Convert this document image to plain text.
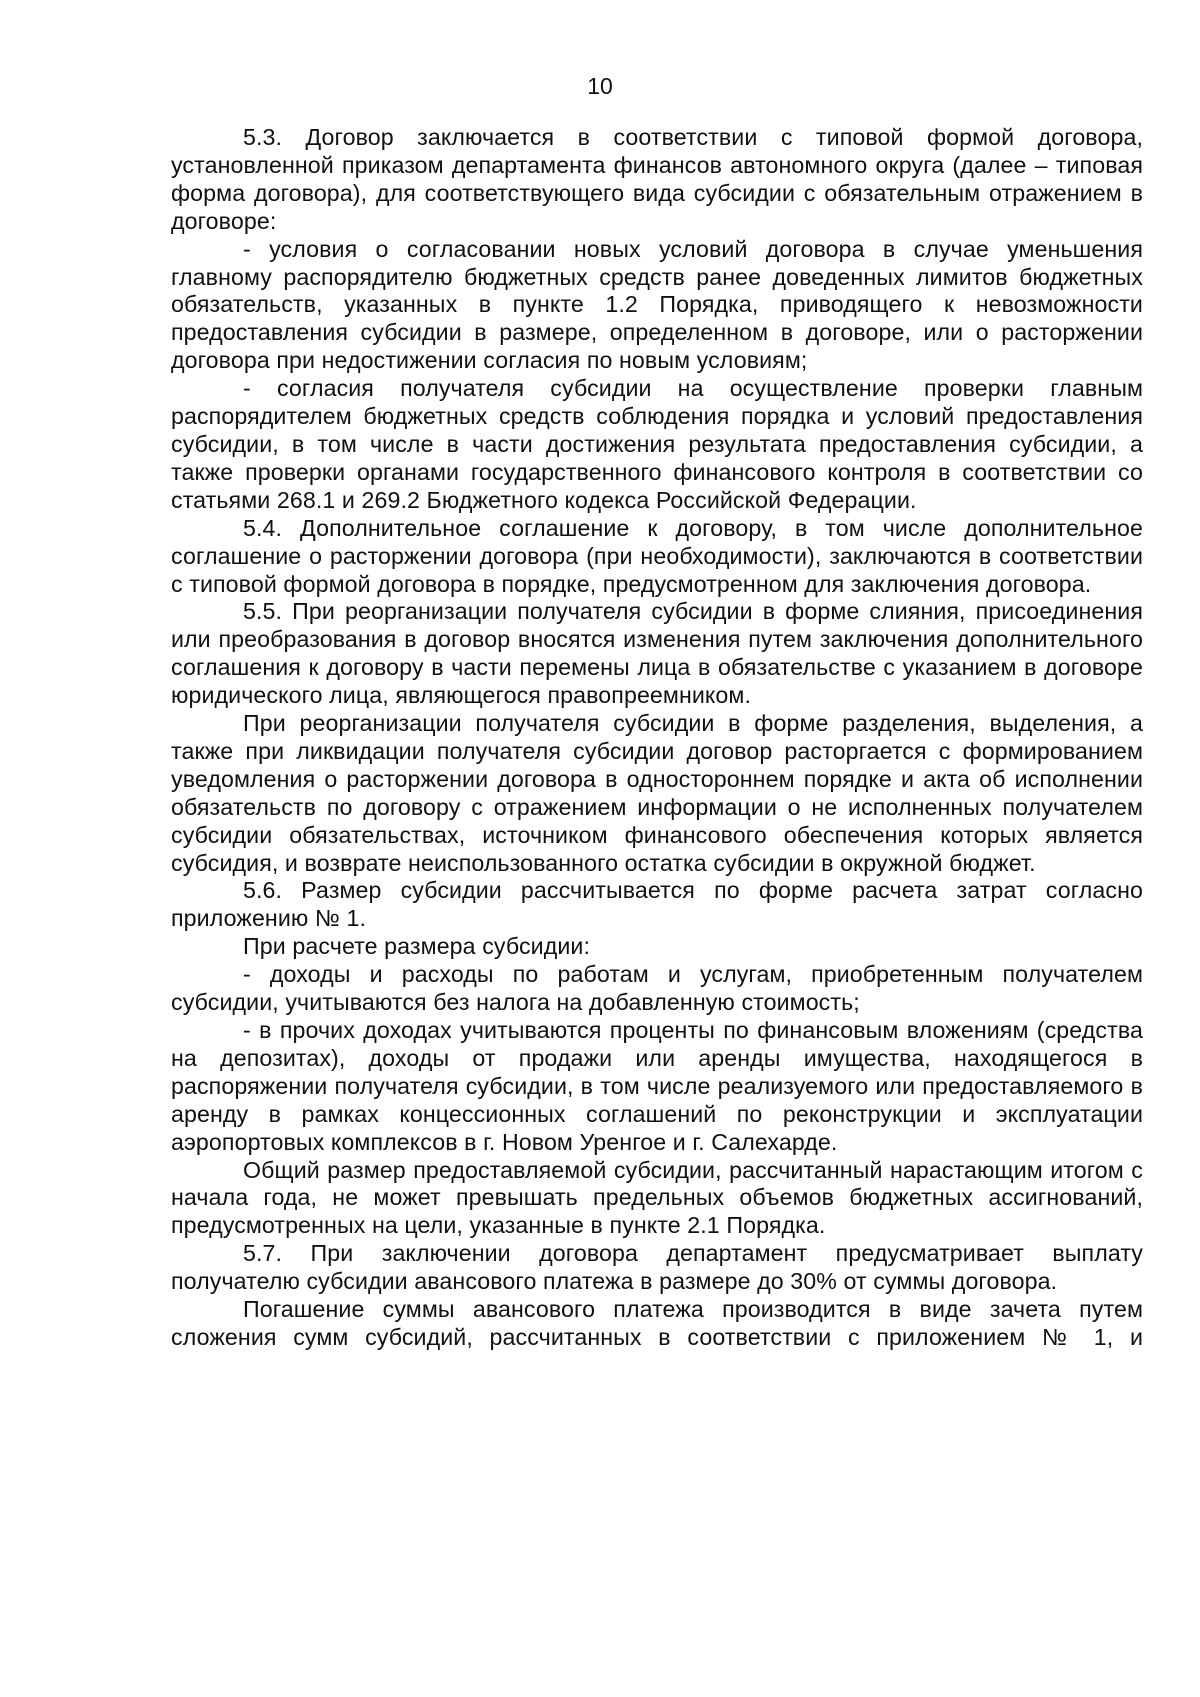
10

5.3. Договор заключается в соответствии с типовой формой договора, установленной приказом департамента финансов автономного округа (далее – типовая форма договора), для соответствующего вида субсидии с обязательным отражением в договоре:

- условия о согласовании новых условий договора в случае уменьшения главному распорядителю бюджетных средств ранее доведенных лимитов бюджетных обязательств, указанных в пункте 1.2 Порядка, приводящего к невозможности предоставления субсидии в размере, определенном в договоре, или о расторжении договора при недостижении согласия по новым условиям;

- согласия получателя субсидии на осуществление проверки главным распорядителем бюджетных средств соблюдения порядка и условий предоставления субсидии, в том числе в части достижения результата предоставления субсидии, а также проверки органами государственного финансового контроля в соответствии со статьями 268.1 и 269.2 Бюджетного кодекса Российской Федерации.

5.4. Дополнительное соглашение к договору, в том числе дополнительное соглашение о расторжении договора (при необходимости), заключаются в соответствии с типовой формой договора в порядке, предусмотренном для заключения договора.

5.5. При реорганизации получателя субсидии в форме слияния, присоединения или преобразования в договор вносятся изменения путем заключения дополнительного соглашения к договору в части перемены лица в обязательстве с указанием в договоре юридического лица, являющегося правопреемником.

При реорганизации получателя субсидии в форме разделения, выделения, а также при ликвидации получателя субсидии договор расторгается с формированием уведомления о расторжении договора в одностороннем порядке и акта об исполнении обязательств по договору с отражением информации о не исполненных получателем субсидии обязательствах, источником финансового обеспечения которых является субсидия, и возврате неиспользованного остатка субсидии в окружной бюджет.

5.6. Размер субсидии рассчитывается по форме расчета затрат согласно приложению № 1.

При расчете размера субсидии:

- доходы и расходы по работам и услугам, приобретенным получателем субсидии, учитываются без налога на добавленную стоимость;

- в прочих доходах учитываются проценты по финансовым вложениям (средства на депозитах), доходы от продажи или аренды имущества, находящегося в распоряжении получателя субсидии, в том числе реализуемого или предоставляемого в аренду в рамках концессионных соглашений по реконструкции и эксплуатации аэропортовых комплексов в г. Новом Уренгое и г. Салехарде.

Общий размер предоставляемой субсидии, рассчитанный нарастающим итогом с начала года, не может превышать предельных объемов бюджетных ассигнований, предусмотренных на цели, указанные в пункте 2.1 Порядка.

5.7. При заключении договора департамент предусматривает выплату получателю субсидии авансового платежа в размере до 30% от суммы договора.

Погашение суммы авансового платежа производится в виде зачета путем сложения сумм субсидий, рассчитанных в соответствии с приложением № 1, и
